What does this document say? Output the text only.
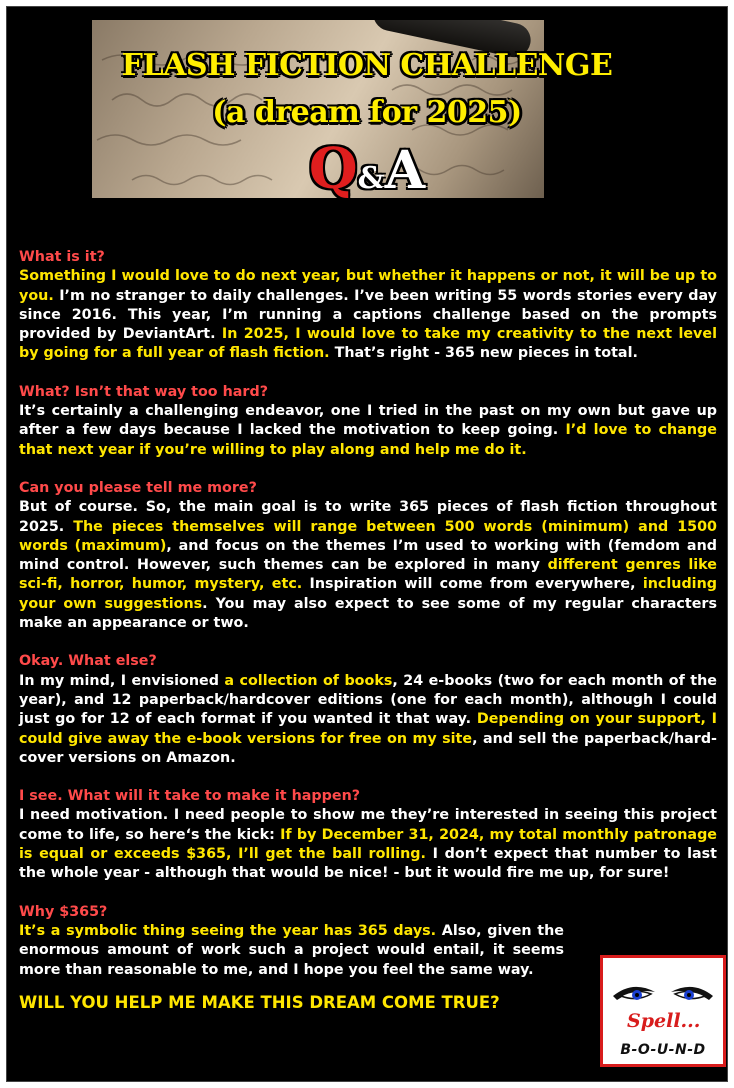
FLASH FICTION CHALLENGE
(a dream for 2025)
Q&A
What is it?
Something I would love to do next year, but whether it happens or not, it will be up to you. I’m no stranger to daily challenges. I’ve been writing 55 words stories every day since 2016. This year, I’m running a captions challenge based on the prompts provided by DeviantArt. In 2025, I would love to take my creativity to the next level by going for a full year of flash fiction. That’s right - 365 new pieces in total.
What? Isn’t that way too hard?
It’s certainly a challenging endeavor, one I tried in the past on my own but gave up after a few days because I lacked the motivation to keep going. I’d love to change that next year if you’re willing to play along and help me do it.
Can you please tell me more?
But of course. So, the main goal is to write 365 pieces of flash fiction throughout 2025. The pieces themselves will range between 500 words (minimum) and 1500 words (maximum), and focus on the themes I’m used to working with (femdom and mind control. However, such themes can be explored in many different genres like sci-fi, horror, humor, mystery, etc. Inspiration will come from everywhere, including your own suggestions. You may also expect to see some of my regular characters make an appearance or two.
Okay. What else?
In my mind, I envisioned a collection of books, 24 e-books (two for each month of the year), and 12 paperback/hardcover editions (one for each month), although I could just go for 12 of each format if you wanted it that way. Depending on your support, I could give away the e-book versions for free on my site, and sell the paperback/hard-cover versions on Amazon.
I see. What will it take to make it happen?
I need motivation. I need people to show me they’re interested in seeing this project come to life, so here‘s the kick: If by December 31, 2024, my total monthly patronage is equal or exceeds $365, I’ll get the ball rolling. I don’t expect that number to last the whole year - although that would be nice! - but it would fire me up, for sure!
Why $365?
It’s a symbolic thing seeing the year has 365 days. Also, given the enormous amount of work such a project would entail, it seems more than reasonable to me, and I hope you feel the same way.
WILL YOU HELP ME MAKE THIS DREAM COME TRUE?
Spell...
B-O-U-N-D
